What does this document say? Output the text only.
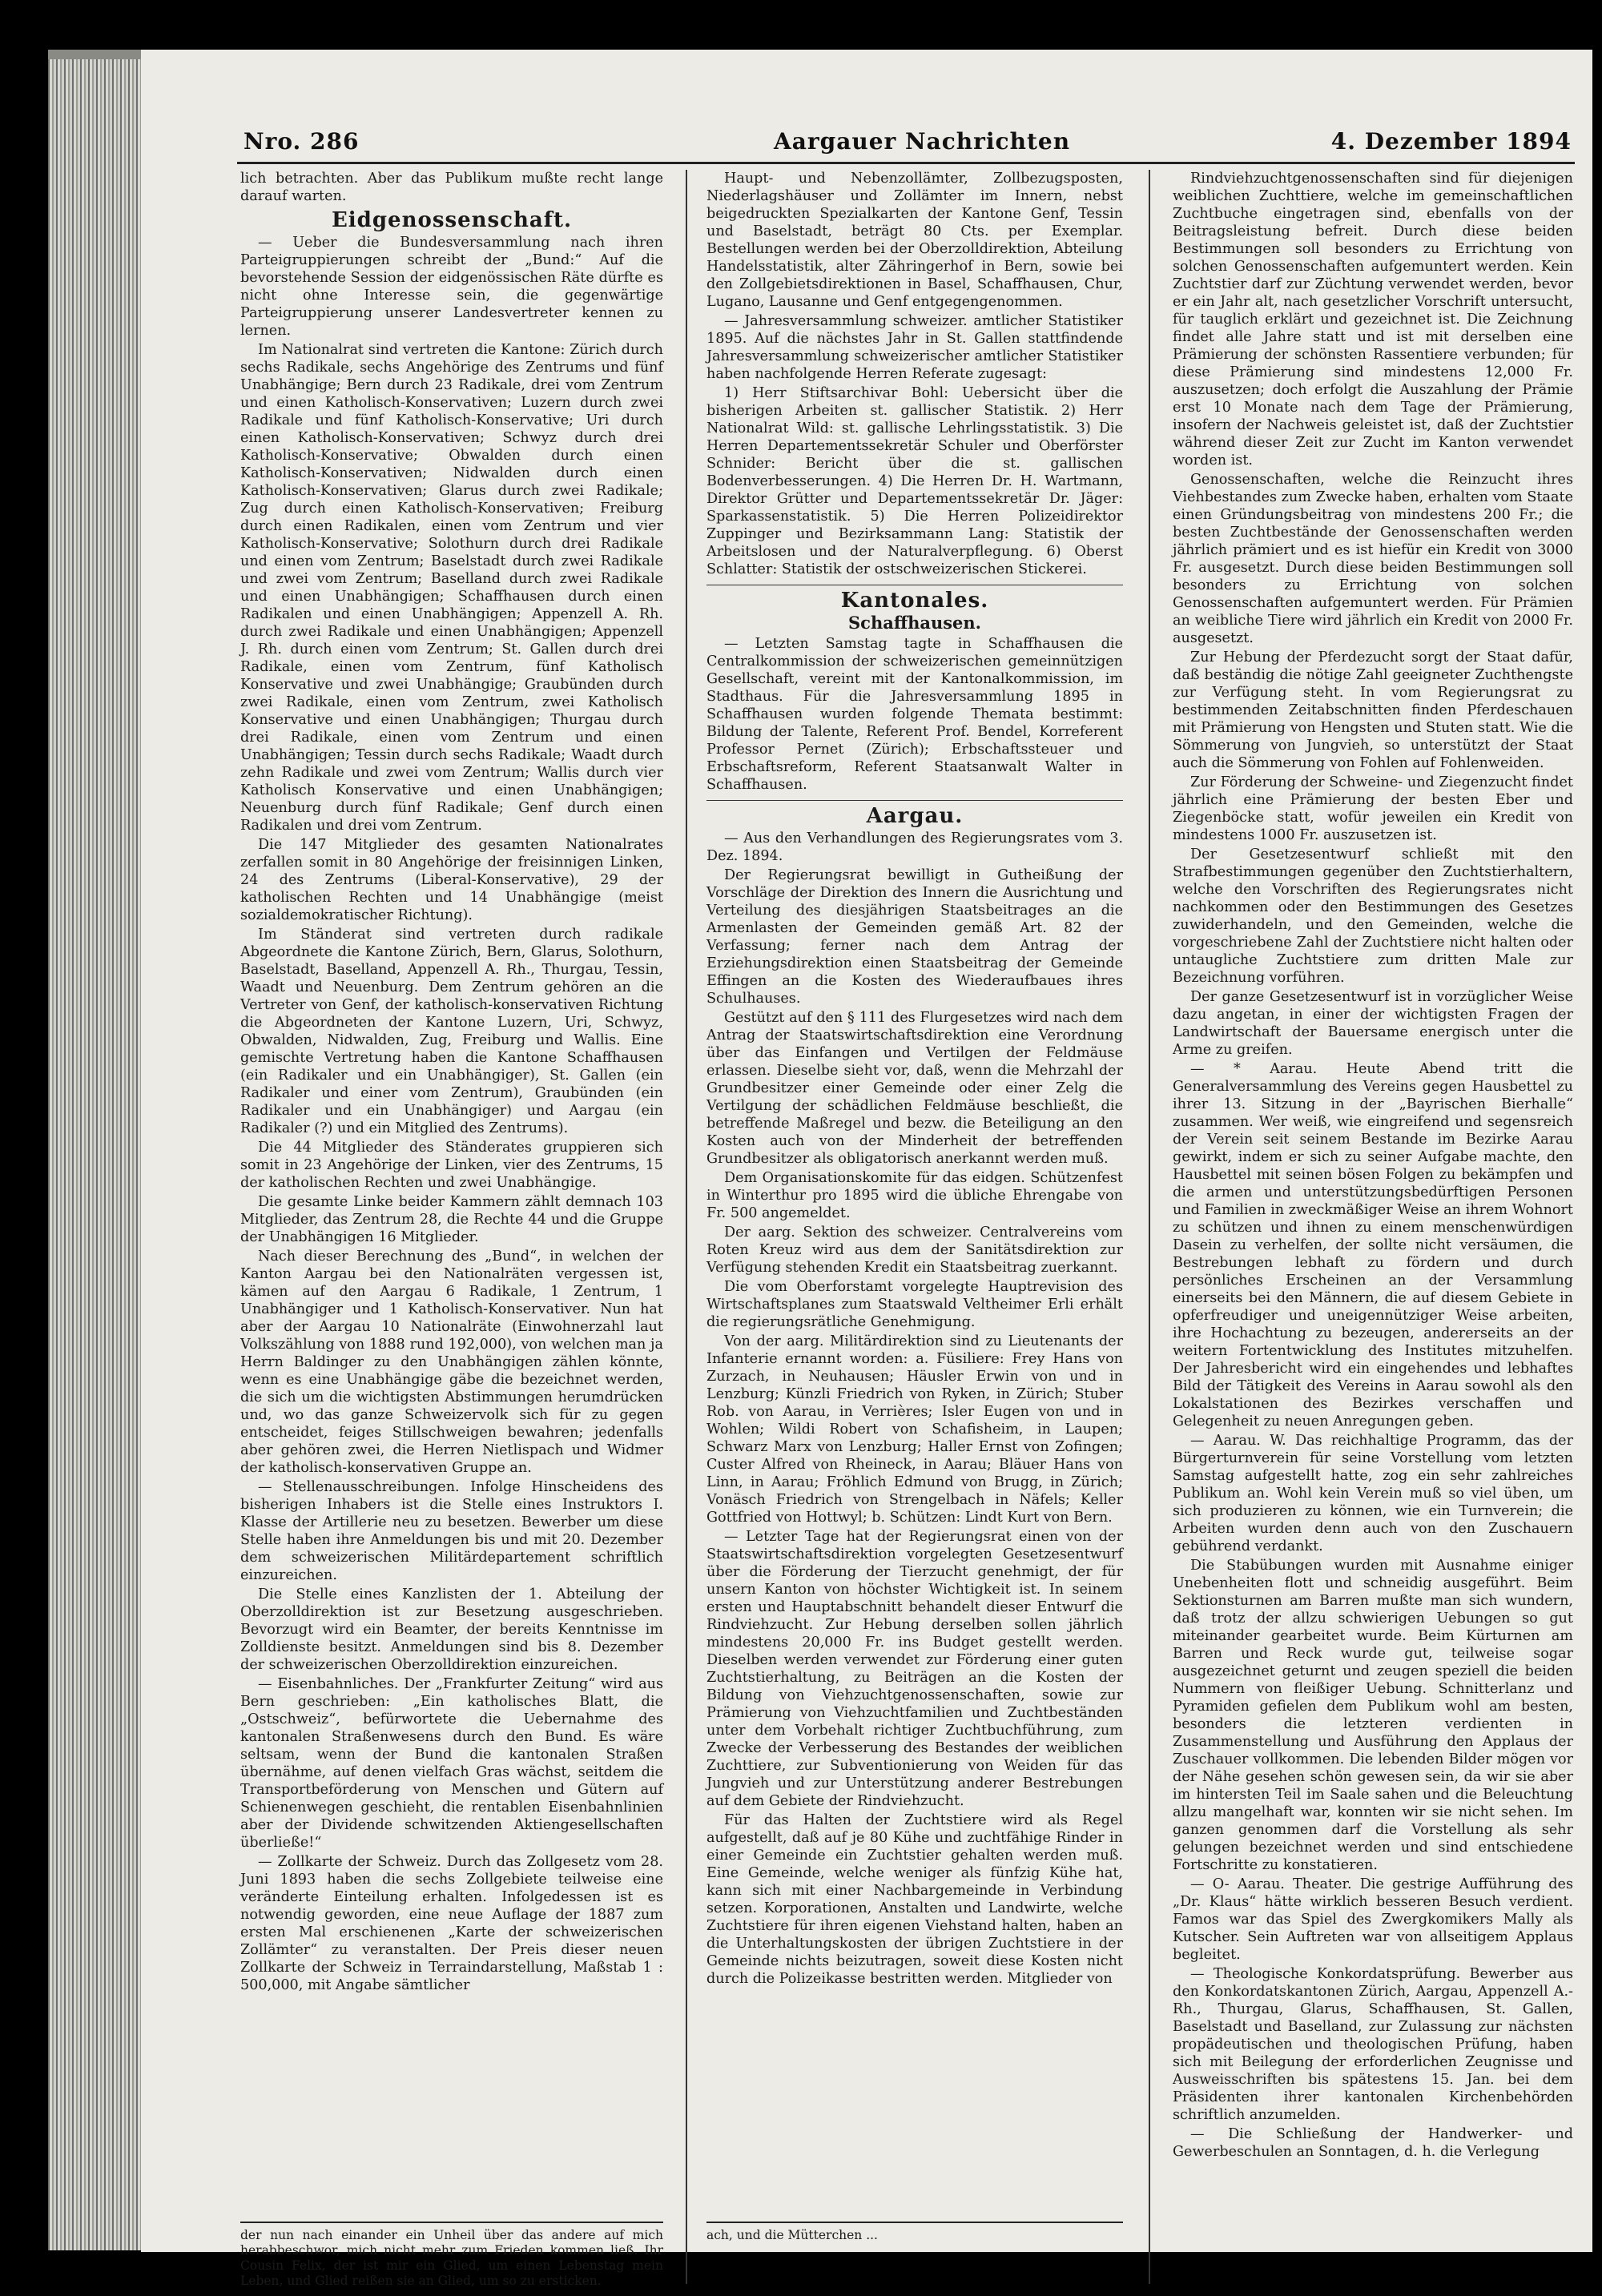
Nro. 286	Aargauer Nachrichten	4. Dezember 1894

lich betrachten. Aber das Publikum mußte recht lange darauf warten.

Eidgenossenschaft.

— Ueber die Bundesversammlung nach ihren Parteigruppierungen schreibt der „Bund:“ Auf die bevorstehende Session der eidgenössischen Räte dürfte es nicht ohne Interesse sein, die gegenwärtige Parteigruppierung unserer Landesvertreter kennen zu lernen.

Im Nationalrat sind vertreten die Kantone: Zürich durch sechs Radikale, sechs Angehörige des Zentrums und fünf Unabhängige; Bern durch 23 Radikale, drei vom Zentrum und einen Katholisch-Konservativen; Luzern durch zwei Radikale und fünf Katholisch-Konservative; Uri durch einen Katholisch-Konservativen; Schwyz durch drei Katholisch-Konservative; Obwalden durch einen Katholisch-Konservativen; Nidwalden durch einen Katholisch-Konservativen; Glarus durch zwei Radikale; Zug durch einen Katholisch-Konservativen; Freiburg durch einen Radikalen, einen vom Zentrum und vier Katholisch-Konservative; Solothurn durch drei Radikale und einen vom Zentrum; Baselstadt durch zwei Radikale und zwei vom Zentrum; Baselland durch zwei Radikale und einen Unabhängigen; Schaffhausen durch einen Radikalen und einen Unabhängigen; Appenzell A. Rh. durch zwei Radikale und einen Unabhängigen; Appenzell J. Rh. durch einen vom Zentrum; St. Gallen durch drei Radikale, einen vom Zentrum, fünf Katholisch Konservative und zwei Unabhängige; Graubünden durch zwei Radikale, einen vom Zentrum, zwei Katholisch Konservative und einen Unabhängigen; Thurgau durch drei Radikale, einen vom Zentrum und einen Unabhängigen; Tessin durch sechs Radikale; Waadt durch zehn Radikale und zwei vom Zentrum; Wallis durch vier Katholisch Konservative und einen Unabhängigen; Neuenburg durch fünf Radikale; Genf durch einen Radikalen und drei vom Zentrum.

Die 147 Mitglieder des gesamten Nationalrates zerfallen somit in 80 Angehörige der freisinnigen Linken, 24 des Zentrums (Liberal-Konservative), 29 der katholischen Rechten und 14 Unabhängige (meist sozialdemokratischer Richtung).

Im Ständerat sind vertreten durch radikale Abgeordnete die Kantone Zürich, Bern, Glarus, Solothurn, Baselstadt, Baselland, Appenzell A. Rh., Thurgau, Tessin, Waadt und Neuenburg. Dem Zentrum gehören an die Vertreter von Genf, der katholisch-konservativen Richtung die Abgeordneten der Kantone Luzern, Uri, Schwyz, Obwalden, Nidwalden, Zug, Freiburg und Wallis. Eine gemischte Vertretung haben die Kantone Schaffhausen (ein Radikaler und ein Unabhängiger), St. Gallen (ein Radikaler und einer vom Zentrum), Graubünden (ein Radikaler und ein Unabhängiger) und Aargau (ein Radikaler (?) und ein Mitglied des Zentrums).

Die 44 Mitglieder des Ständerates gruppieren sich somit in 23 Angehörige der Linken, vier des Zentrums, 15 der katholischen Rechten und zwei Unabhängige.

Die gesamte Linke beider Kammern zählt demnach 103 Mitglieder, das Zentrum 28, die Rechte 44 und die Gruppe der Unabhängigen 16 Mitglieder.

Nach dieser Berechnung des „Bund“, in welchen der Kanton Aargau bei den Nationalräten vergessen ist, kämen auf den Aargau 6 Radikale, 1 Zentrum, 1 Unabhängiger und 1 Katholisch-Konservativer. Nun hat aber der Aargau 10 Nationalräte (Einwohnerzahl laut Volkszählung von 1888 rund 192,000), von welchen man ja Herrn Baldinger zu den Unabhängigen zählen könnte, wenn es eine Unabhängige gäbe die bezeichnet werden, die sich um die wichtigsten Abstimmungen herumdrücken und, wo das ganze Schweizervolk sich für zu gegen entscheidet, feiges Stillschweigen bewahren; jedenfalls aber gehören zwei, die Herren Nietlispach und Widmer der katholisch-konservativen Gruppe an.

— Stellenausschreibungen. Infolge Hinscheidens des bisherigen Inhabers ist die Stelle eines Instruktors I. Klasse der Artillerie neu zu besetzen. Bewerber um diese Stelle haben ihre Anmeldungen bis und mit 20. Dezember dem schweizerischen Militärdepartement schriftlich einzureichen.

Die Stelle eines Kanzlisten der 1. Abteilung der Oberzolldirektion ist zur Besetzung ausgeschrieben. Bevorzugt wird ein Beamter, der bereits Kenntnisse im Zolldienste besitzt. Anmeldungen sind bis 8. Dezember der schweizerischen Oberzolldirektion einzureichen.

— Eisenbahnliches. Der „Frankfurter Zeitung“ wird aus Bern geschrieben: „Ein katholisches Blatt, die „Ostschweiz“, befürwortete die Uebernahme des kantonalen Straßenwesens durch den Bund. Es wäre seltsam, wenn der Bund die kantonalen Straßen übernähme, auf denen vielfach Gras wächst, seitdem die Transportbeförderung von Menschen und Gütern auf Schienenwegen geschieht, die rentablen Eisenbahnlinien aber der Dividende schwitzenden Aktiengesellschaften überließe!“

— Zollkarte der Schweiz. Durch das Zollgesetz vom 28. Juni 1893 haben die sechs Zollgebiete teilweise eine veränderte Einteilung erhalten. Infolgedessen ist es notwendig geworden, eine neue Auflage der 1887 zum ersten Mal erschienenen „Karte der schweizerischen Zollämter“ zu veranstalten. Der Preis dieser neuen Zollkarte der Schweiz in Terraindarstellung, Maßstab 1 : 500,000, mit Angabe sämtlicher

Haupt- und Nebenzollämter, Zollbezugsposten, Niederlagshäuser und Zollämter im Innern, nebst beigedruckten Spezialkarten der Kantone Genf, Tessin und Baselstadt, beträgt 80 Cts. per Exemplar. Bestellungen werden bei der Oberzolldirektion, Abteilung Handelsstatistik, alter Zähringerhof in Bern, sowie bei den Zollgebietsdirektionen in Basel, Schaffhausen, Chur, Lugano, Lausanne und Genf entgegengenommen.

— Jahresversammlung schweizer. amtlicher Statistiker 1895. Auf die nächstes Jahr in St. Gallen stattfindende Jahresversammlung schweizerischer amtlicher Statistiker haben nachfolgende Herren Referate zugesagt:

1) Herr Stiftsarchivar Bohl: Uebersicht über die bisherigen Arbeiten st. gallischer Statistik. 2) Herr Nationalrat Wild: st. gallische Lehrlingsstatistik. 3) Die Herren Departementssekretär Schuler und Oberförster Schnider: Bericht über die st. gallischen Bodenverbesserungen. 4) Die Herren Dr. H. Wartmann, Direktor Grütter und Departementssekretär Dr. Jäger: Sparkassenstatistik. 5) Die Herren Polizeidirektor Zuppinger und Bezirksammann Lang: Statistik der Arbeitslosen und der Naturalverpflegung. 6) Oberst Schlatter: Statistik der ostschweizerischen Stickerei.

Kantonales.
Schaffhausen.

— Letzten Samstag tagte in Schaffhausen die Centralkommission der schweizerischen gemeinnützigen Gesellschaft, vereint mit der Kantonalkommission, im Stadthaus. Für die Jahresversammlung 1895 in Schaffhausen wurden folgende Themata bestimmt: Bildung der Talente, Referent Prof. Bendel, Korreferent Professor Pernet (Zürich); Erbschaftssteuer und Erbschaftsreform, Referent Staatsanwalt Walter in Schaffhausen.

Aargau.

— Aus den Verhandlungen des Regierungsrates vom 3. Dez. 1894.

Der Regierungsrat bewilligt in Gutheißung der Vorschläge der Direktion des Innern die Ausrichtung und Verteilung des diesjährigen Staatsbeitrages an die Armenlasten der Gemeinden gemäß Art. 82 der Verfassung; ferner nach dem Antrag der Erziehungsdirektion einen Staatsbeitrag der Gemeinde Effingen an die Kosten des Wiederaufbaues ihres Schulhauses.

Gestützt auf den § 111 des Flurgesetzes wird nach dem Antrag der Staatswirtschaftsdirektion eine Verordnung über das Einfangen und Vertilgen der Feldmäuse erlassen. Dieselbe sieht vor, daß, wenn die Mehrzahl der Grundbesitzer einer Gemeinde oder einer Zelg die Vertilgung der schädlichen Feldmäuse beschließt, die betreffende Maßregel und bezw. die Beteiligung an den Kosten auch von der Minderheit der betreffenden Grundbesitzer als obligatorisch anerkannt werden muß.

Dem Organisationskomite für das eidgen. Schützenfest in Winterthur pro 1895 wird die übliche Ehrengabe von Fr. 500 angemeldet.

Der aarg. Sektion des schweizer. Centralvereins vom Roten Kreuz wird aus dem der Sanitätsdirektion zur Verfügung stehenden Kredit ein Staatsbeitrag zuerkannt.

Die vom Oberforstamt vorgelegte Hauptrevision des Wirtschaftsplanes zum Staatswald Veltheimer Erli erhält die regierungsrätliche Genehmigung.

Von der aarg. Militärdirektion sind zu Lieutenants der Infanterie ernannt worden: a. Füsiliere: Frey Hans von Zurzach, in Neuhausen; Häusler Erwin von und in Lenzburg; Künzli Friedrich von Ryken, in Zürich; Stuber Rob. von Aarau, in Verrières; Isler Eugen von und in Wohlen; Wildi Robert von Schafisheim, in Laupen; Schwarz Marx von Lenzburg; Haller Ernst von Zofingen; Custer Alfred von Rheineck, in Aarau; Bläuer Hans von Linn, in Aarau; Fröhlich Edmund von Brugg, in Zürich; Vonäsch Friedrich von Strengelbach in Näfels; Keller Gottfried von Hottwyl; b. Schützen: Lindt Kurt von Bern.

— Letzter Tage hat der Regierungsrat einen von der Staatswirtschaftsdirektion vorgelegten Gesetzesentwurf über die Förderung der Tierzucht genehmigt, der für unsern Kanton von höchster Wichtigkeit ist. In seinem ersten und Hauptabschnitt behandelt dieser Entwurf die Rindviehzucht. Zur Hebung derselben sollen jährlich mindestens 20,000 Fr. ins Budget gestellt werden. Dieselben werden verwendet zur Förderung einer guten Zuchtstierhaltung, zu Beiträgen an die Kosten der Bildung von Viehzuchtgenossenschaften, sowie zur Prämierung von Viehzuchtfamilien und Zuchtbeständen unter dem Vorbehalt richtiger Zuchtbuchführung, zum Zwecke der Verbesserung des Bestandes der weiblichen Zuchttiere, zur Subventionierung von Weiden für das Jungvieh und zur Unterstützung anderer Bestrebungen auf dem Gebiete der Rindviehzucht.

Für das Halten der Zuchtstiere wird als Regel aufgestellt, daß auf je 80 Kühe und zuchtfähige Rinder in einer Gemeinde ein Zuchtstier gehalten werden muß. Eine Gemeinde, welche weniger als fünfzig Kühe hat, kann sich mit einer Nachbargemeinde in Verbindung setzen. Korporationen, Anstalten und Landwirte, welche Zuchtstiere für ihren eigenen Viehstand halten, haben an die Unterhaltungskosten der übrigen Zuchtstiere in der Gemeinde nichts beizutragen, soweit diese Kosten nicht durch die Polizeikasse bestritten werden. Mitglieder von

Rindviehzuchtgenossenschaften sind für diejenigen weiblichen Zuchttiere, welche im gemeinschaftlichen Zuchtbuche eingetragen sind, ebenfalls von der Beitragsleistung befreit. Durch diese beiden Bestimmungen soll besonders zu Errichtung von solchen Genossenschaften aufgemuntert werden. Kein Zuchtstier darf zur Züchtung verwendet werden, bevor er ein Jahr alt, nach gesetzlicher Vorschrift untersucht, für tauglich erklärt und gezeichnet ist. Die Zeichnung findet alle Jahre statt und ist mit derselben eine Prämierung der schönsten Rassentiere verbunden; für diese Prämierung sind mindestens 12,000 Fr. auszusetzen; doch erfolgt die Auszahlung der Prämie erst 10 Monate nach dem Tage der Prämierung, insofern der Nachweis geleistet ist, daß der Zuchtstier während dieser Zeit zur Zucht im Kanton verwendet worden ist.

Genossenschaften, welche die Reinzucht ihres Viehbestandes zum Zwecke haben, erhalten vom Staate einen Gründungsbeitrag von mindestens 200 Fr.; die besten Zuchtbestände der Genossenschaften werden jährlich prämiert und es ist hiefür ein Kredit von 3000 Fr. ausgesetzt. Durch diese beiden Bestimmungen soll besonders zu Errichtung von solchen Genossenschaften aufgemuntert werden. Für Prämien an weibliche Tiere wird jährlich ein Kredit von 2000 Fr. ausgesetzt.

Zur Hebung der Pferdezucht sorgt der Staat dafür, daß beständig die nötige Zahl geeigneter Zuchthengste zur Verfügung steht. In vom Regierungsrat zu bestimmenden Zeitabschnitten finden Pferdeschauen mit Prämierung von Hengsten und Stuten statt. Wie die Sömmerung von Jungvieh, so unterstützt der Staat auch die Sömmerung von Fohlen auf Fohlenweiden.

Zur Förderung der Schweine- und Ziegenzucht findet jährlich eine Prämierung der besten Eber und Ziegenböcke statt, wofür jeweilen ein Kredit von mindestens 1000 Fr. auszusetzen ist.

Der Gesetzesentwurf schließt mit den Strafbestimmungen gegenüber den Zuchtstierhaltern, welche den Vorschriften des Regierungsrates nicht nachkommen oder den Bestimmungen des Gesetzes zuwiderhandeln, und den Gemeinden, welche die vorgeschriebene Zahl der Zuchtstiere nicht halten oder untaugliche Zuchtstiere zum dritten Male zur Bezeichnung vorführen.

Der ganze Gesetzesentwurf ist in vorzüglicher Weise dazu angetan, in einer der wichtigsten Fragen der Landwirtschaft der Bauersame energisch unter die Arme zu greifen.

— * Aarau. Heute Abend tritt die Generalversammlung des Vereins gegen Hausbettel zu ihrer 13. Sitzung in der „Bayrischen Bierhalle“ zusammen. Wer weiß, wie eingreifend und segensreich der Verein seit seinem Bestande im Bezirke Aarau gewirkt, indem er sich zu seiner Aufgabe machte, den Hausbettel mit seinen bösen Folgen zu bekämpfen und die armen und unterstützungsbedürftigen Personen und Familien in zweckmäßiger Weise an ihrem Wohnort zu schützen und ihnen zu einem menschenwürdigen Dasein zu verhelfen, der sollte nicht versäumen, die Bestrebungen lebhaft zu fördern und durch persönliches Erscheinen an der Versammlung einerseits bei den Männern, die auf diesem Gebiete in opferfreudiger und uneigennütziger Weise arbeiten, ihre Hochachtung zu bezeugen, andererseits an der weitern Fortentwicklung des Institutes mitzuhelfen. Der Jahresbericht wird ein eingehendes und lebhaftes Bild der Tätigkeit des Vereins in Aarau sowohl als den Lokalstationen des Bezirkes verschaffen und Gelegenheit zu neuen Anregungen geben.

— Aarau. W. Das reichhaltige Programm, das der Bürgerturnverein für seine Vorstellung vom letzten Samstag aufgestellt hatte, zog ein sehr zahlreiches Publikum an. Wohl kein Verein muß so viel üben, um sich produzieren zu können, wie ein Turnverein; die Arbeiten wurden denn auch von den Zuschauern gebührend verdankt.

Die Stabübungen wurden mit Ausnahme einiger Unebenheiten flott und schneidig ausgeführt. Beim Sektionsturnen am Barren mußte man sich wundern, daß trotz der allzu schwierigen Uebungen so gut miteinander gearbeitet wurde. Beim Kürturnen am Barren und Reck wurde gut, teilweise sogar ausgezeichnet geturnt und zeugen speziell die beiden Nummern von fleißiger Uebung. Schnitterlanz und Pyramiden gefielen dem Publikum wohl am besten, besonders die letzteren verdienten in Zusammenstellung und Ausführung den Applaus der Zuschauer vollkommen. Die lebenden Bilder mögen vor der Nähe gesehen schön gewesen sein, da wir sie aber im hintersten Teil im Saale sahen und die Beleuchtung allzu mangelhaft war, konnten wir sie nicht sehen. Im ganzen genommen darf die Vorstellung als sehr gelungen bezeichnet werden und sind entschiedene Fortschritte zu konstatieren.

— O- Aarau. Theater. Die gestrige Aufführung des „Dr. Klaus“ hätte wirklich besseren Besuch verdient. Famos war das Spiel des Zwergkomikers Mally als Kutscher. Sein Auftreten war von allseitigem Applaus begleitet.

— Theologische Konkordatsprüfung. Bewerber aus den Konkordatskantonen Zürich, Aargau, Appenzell A.-Rh., Thurgau, Glarus, Schaffhausen, St. Gallen, Baselstadt und Baselland, zur Zulassung zur nächsten propädeutischen und theologischen Prüfung, haben sich mit Beilegung der erforderlichen Zeugnisse und Ausweisschriften bis spätestens 15. Jan. bei dem Präsidenten ihrer kantonalen Kirchenbehörden schriftlich anzumelden.

— Die Schließung der Handwerker- und Gewerbeschulen an Sonntagen, d. h. die Verlegung

der nun nach einander ein Unheil über das andere auf mich herabbeschwor, mich nicht mehr zum Frieden kommen ließ. Ihr Cousin Felix, der ist mir ein Glied, um einen Lebenstag mein Leben, und Glied reißen sie an Glied, um so zu ersticken.
ach, und die Mütterchen ...
